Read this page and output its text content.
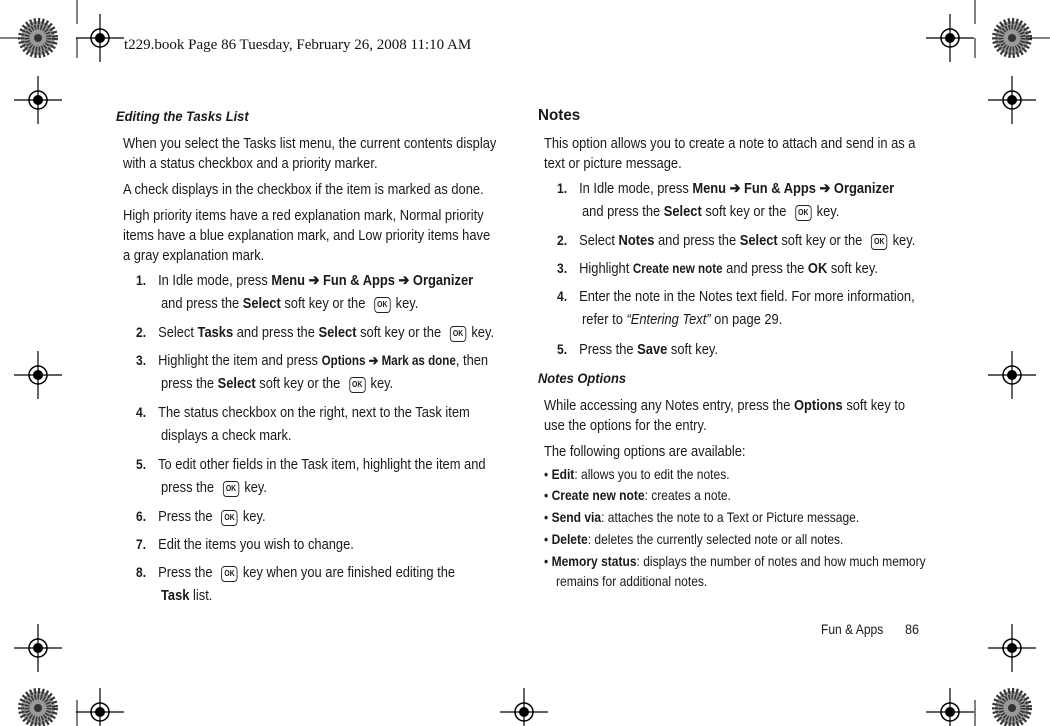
t229.book Page 86 Tuesday, February 26, 2008 11:10 AM
Editing the Tasks List
When you select the Tasks list menu, the current contents display
with a status checkbox and a priority marker.
A check displays in the checkbox if the item is marked as done.
High priority items have a red explanation mark, Normal priority
items have a blue explanation mark, and Low priority items have
a gray explanation mark.
1. In Idle mode, press Menu ➔ Fun & Apps ➔ Organizer
and press the Select soft key or the OK key.
2. Select Tasks and press the Select soft key or the OK key.
3. Highlight the item and press Options ➔ Mark as done, then
press the Select soft key or the OK key.
4. The status checkbox on the right, next to the Task item
displays a check mark.
5. To edit other fields in the Task item, highlight the item and
press the OK key.
6. Press the OK key.
7. Edit the items you wish to change.
8. Press the OK key when you are finished editing the
Task list.
Notes
This option allows you to create a note to attach and send in as a
text or picture message.
1. In Idle mode, press Menu ➔ Fun & Apps ➔ Organizer
and press the Select soft key or the OK key.
2. Select Notes and press the Select soft key or the OK key.
3. Highlight Create new note and press the OK soft key.
4. Enter the note in the Notes text field. For more information,
refer to “Entering Text” on page 29.
5. Press the Save soft key.
Notes Options
While accessing any Notes entry, press the Options soft key to
use the options for the entry.
The following options are available:
• Edit: allows you to edit the notes.
• Create new note: creates a note.
• Send via: attaches the note to a Text or Picture message.
• Delete: deletes the currently selected note or all notes.
• Memory status: displays the number of notes and how much memory
remains for additional notes.
Fun & Apps 86
